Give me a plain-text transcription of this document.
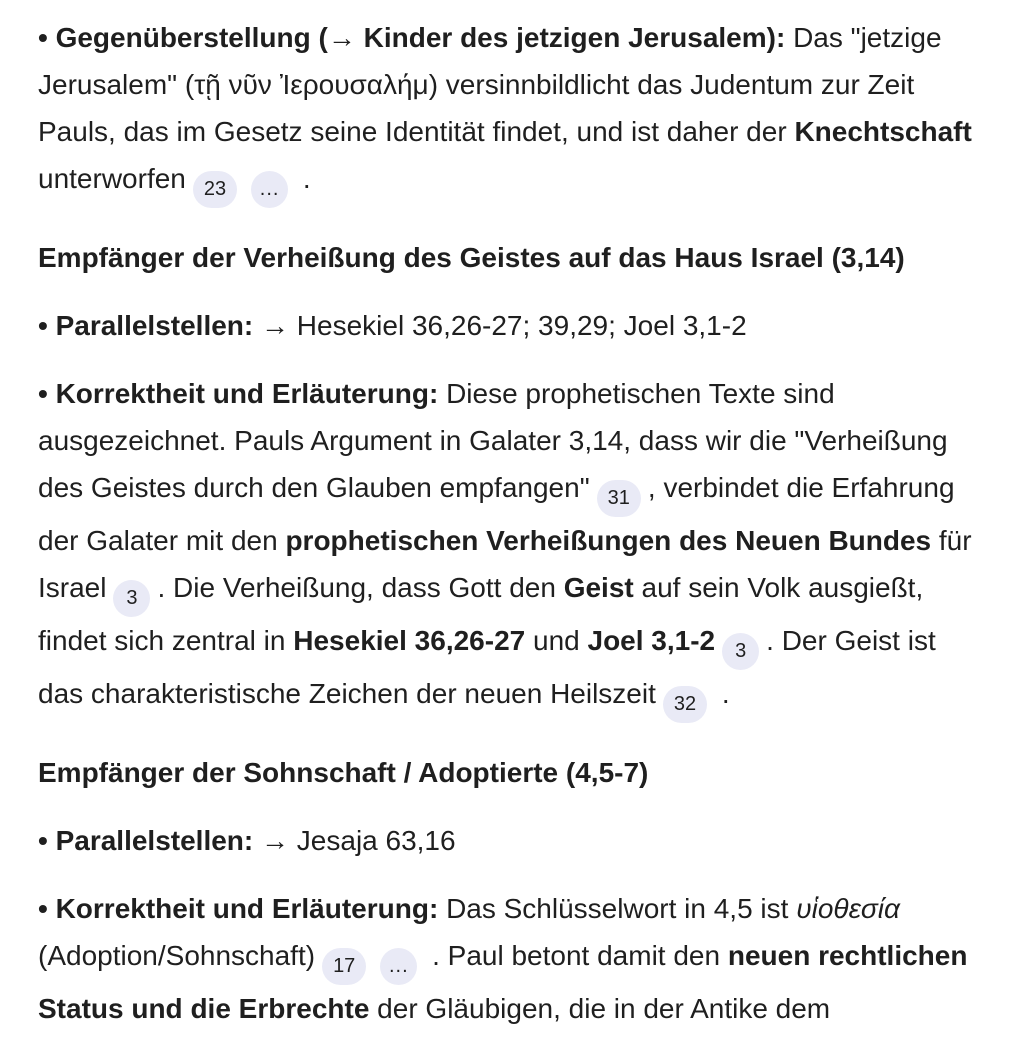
• Gegenüberstellung (→ Kinder des jetzigen Jerusalem): Das "jetzige Jerusalem" (τῇ νῦν Ἰερουσαλήμ) versinnbildlicht das Judentum zur Zeit Pauls, das im Gesetz seine Identität findet, und ist daher der Knechtschaft unterworfen 23 ... .

Empfänger der Verheißung des Geistes auf das Haus Israel (3,14)

• Parallelstellen: → Hesekiel 36,26-27; 39,29; Joel 3,1-2

• Korrektheit und Erläuterung: Diese prophetischen Texte sind ausgezeichnet. Pauls Argument in Galater 3,14, dass wir die "Verheißung des Geistes durch den Glauben empfangen" 31 , verbindet die Erfahrung der Galater mit den prophetischen Verheißungen des Neuen Bundes für Israel 3 . Die Verheißung, dass Gott den Geist auf sein Volk ausgießt, findet sich zentral in Hesekiel 36,26-27 und Joel 3,1-2 3 . Der Geist ist das charakteristische Zeichen der neuen Heilszeit 32 .

Empfänger der Sohnschaft / Adoptierte (4,5-7)

• Parallelstellen: → Jesaja 63,16

• Korrektheit und Erläuterung: Das Schlüsselwort in 4,5 ist υἱοθεσία (Adoption/Sohnschaft) 17 ... . Paul betont damit den neuen rechtlichen Status und die Erbrechte der Gläubigen, die in der Antike dem
